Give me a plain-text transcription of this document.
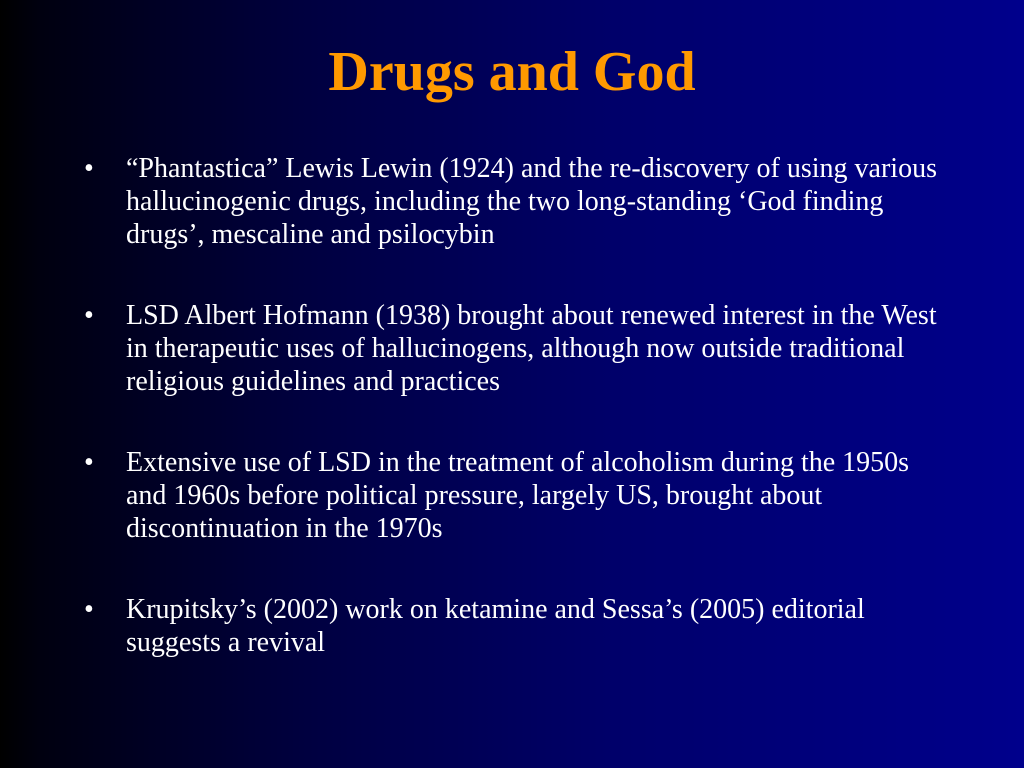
Drugs and God
• “Phantastica” Lewis Lewin (1924) and the re-discovery of using various hallucinogenic drugs, including the two long-standing ‘God finding drugs’, mescaline and psilocybin
• LSD Albert Hofmann (1938) brought about renewed interest in the West in therapeutic uses of hallucinogens, although now outside traditional religious guidelines and practices
• Extensive use of LSD in the treatment of alcoholism during the 1950s and 1960s before political pressure, largely US, brought about discontinuation in the 1970s
• Krupitsky’s (2002) work on ketamine and Sessa’s (2005) editorial suggests a revival
